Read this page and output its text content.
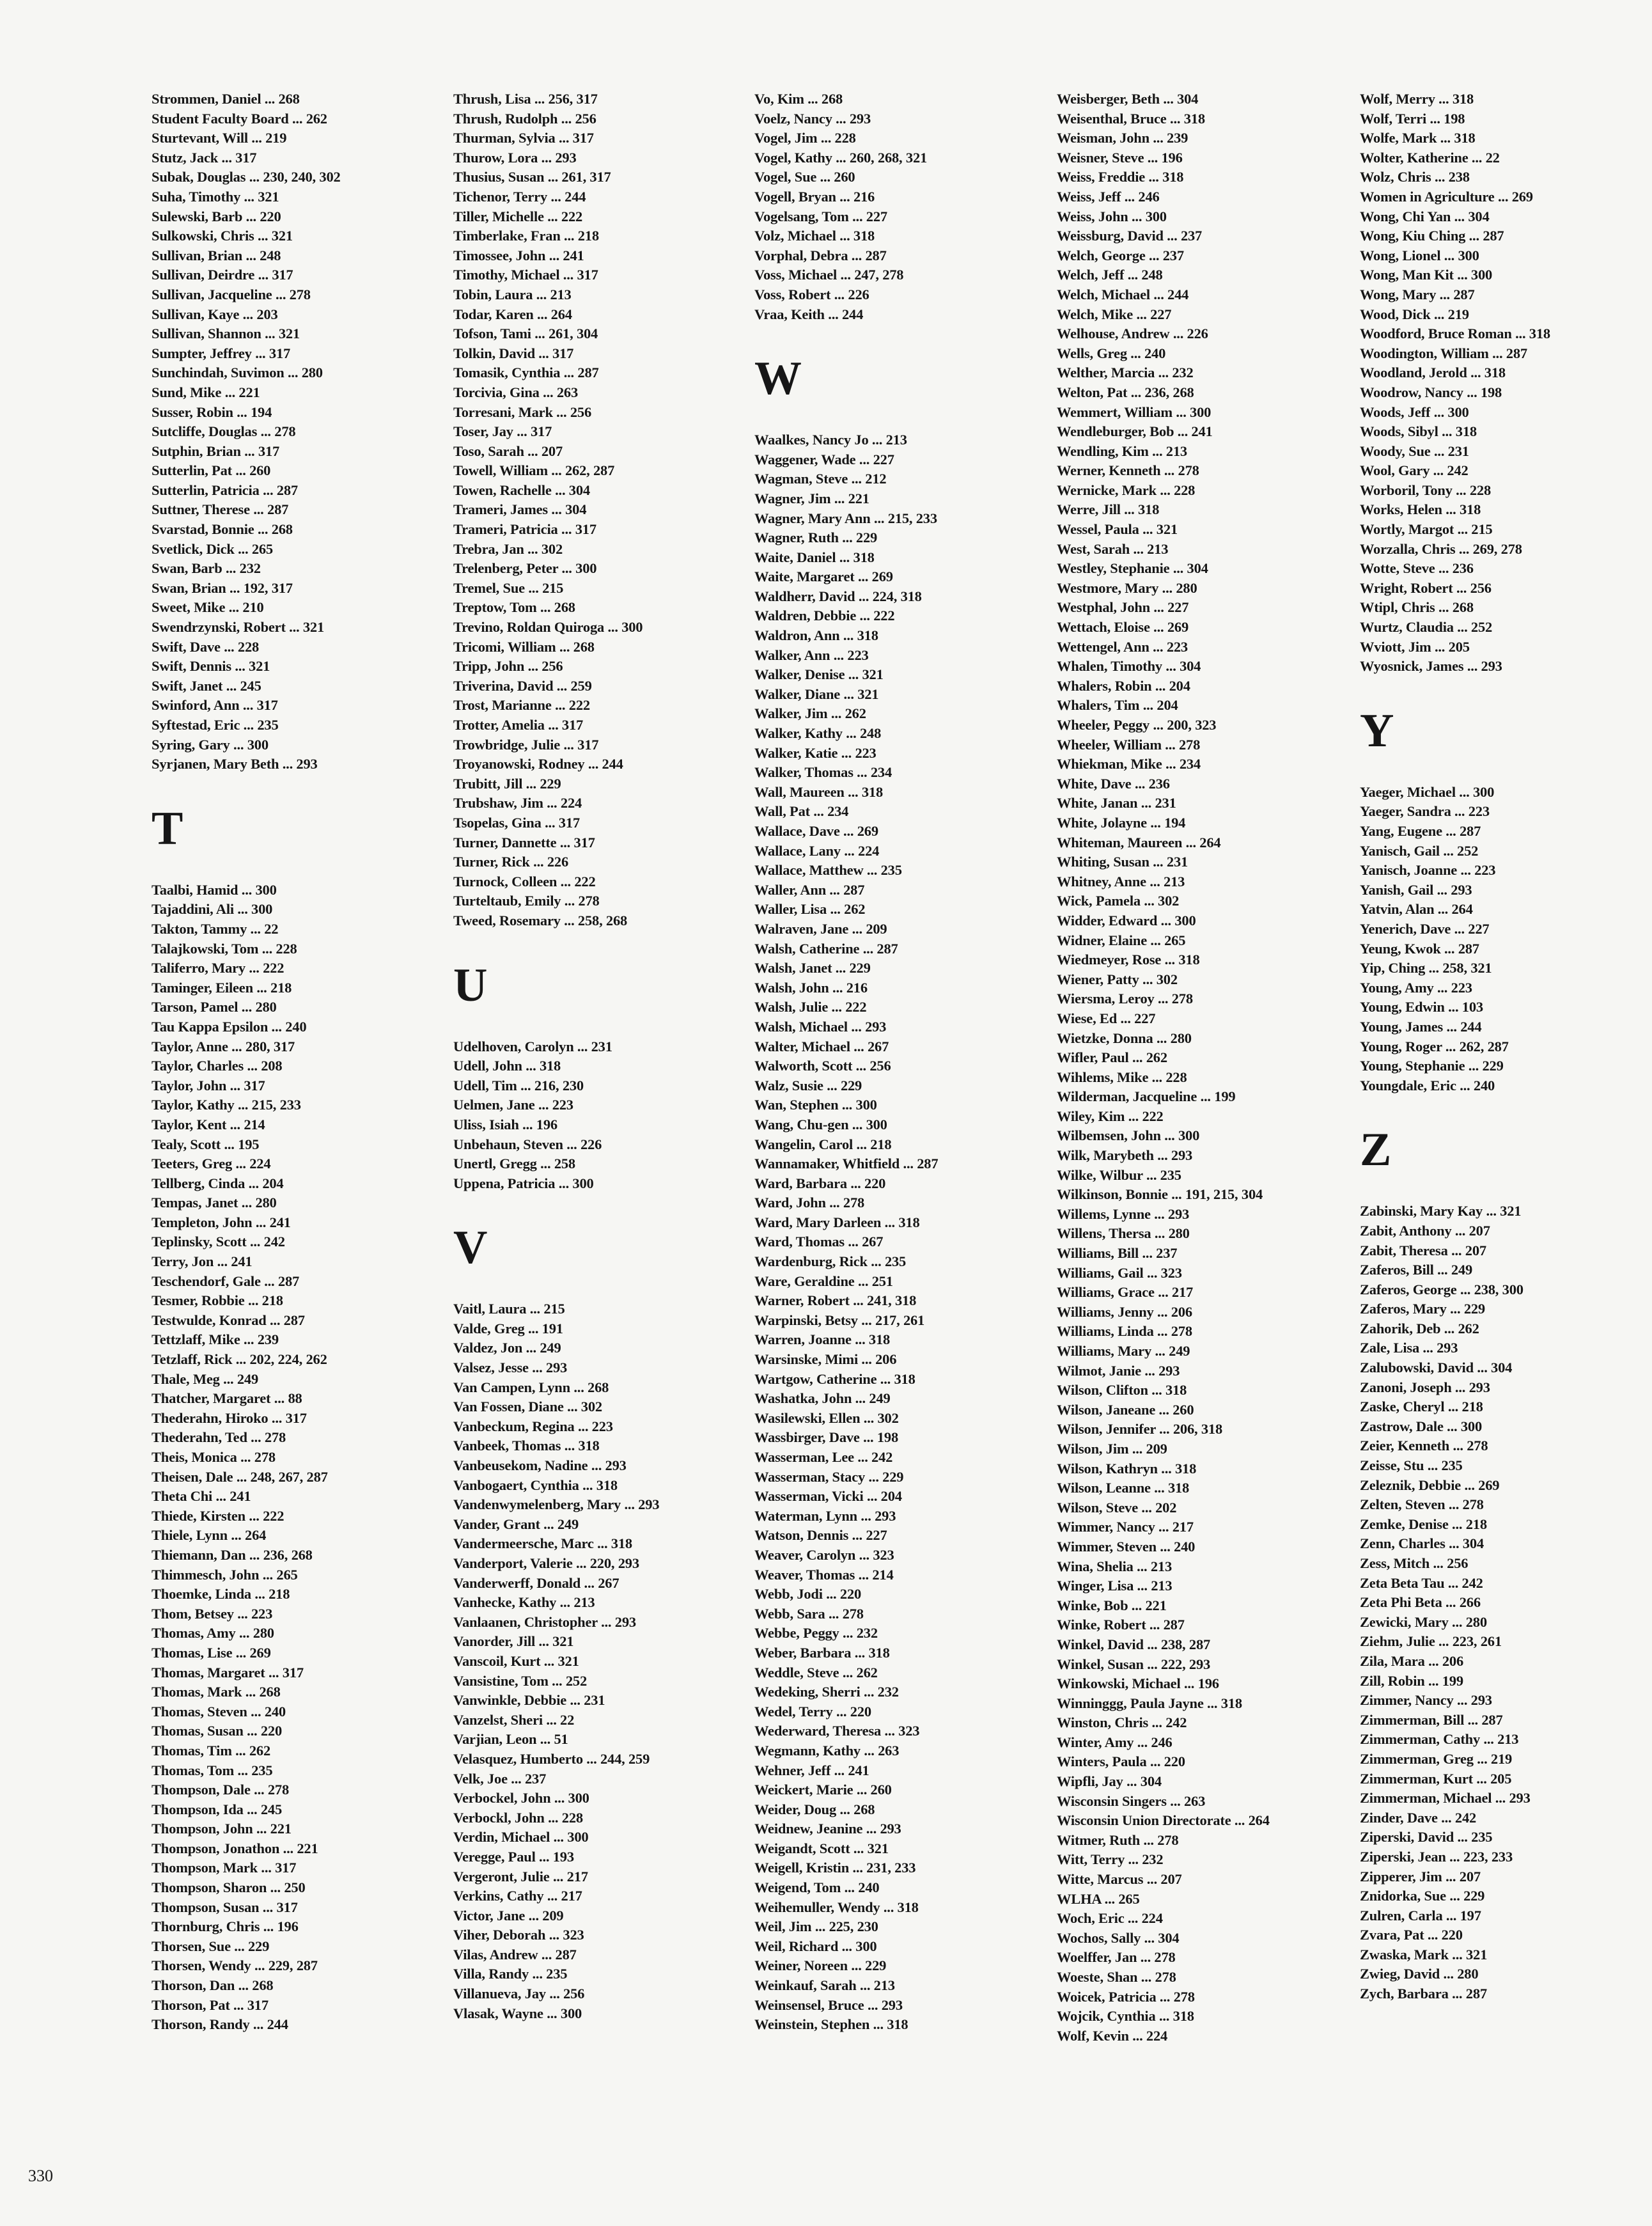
Strommen, Daniel ... 268
Student Faculty Board ... 262
Sturtevant, Will ... 219
Stutz, Jack ... 317
Subak, Douglas ... 230, 240, 302
Suha, Timothy ... 321
Sulewski, Barb ... 220
Sulkowski, Chris ... 321
Sullivan, Brian ... 248
Sullivan, Deirdre ... 317
Sullivan, Jacqueline ... 278
Sullivan, Kaye ... 203
Sullivan, Shannon ... 321
Sumpter, Jeffrey ... 317
Sunchindah, Suvimon ... 280
Sund, Mike ... 221
Susser, Robin ... 194
Sutcliffe, Douglas ... 278
Sutphin, Brian ... 317
Sutterlin, Pat ... 260
Sutterlin, Patricia ... 287
Suttner, Therese ... 287
Svarstad, Bonnie ... 268
Svetlick, Dick ... 265
Swan, Barb ... 232
Swan, Brian ... 192, 317
Sweet, Mike ... 210
Swendrzynski, Robert ... 321
Swift, Dave ... 228
Swift, Dennis ... 321
Swift, Janet ... 245
Swinford, Ann ... 317
Syftestad, Eric ... 235
Syring, Gary ... 300
Syrjanen, Mary Beth ... 293
T
Taalbi, Hamid ... 300
Tajaddini, Ali ... 300
Takton, Tammy ... 22
Talajkowski, Tom ... 228
Taliferro, Mary ... 222
Taminger, Eileen ... 218
Tarson, Pamel ... 280
Tau Kappa Epsilon ... 240
Taylor, Anne ... 280, 317
Taylor, Charles ... 208
Taylor, John ... 317
Taylor, Kathy ... 215, 233
Taylor, Kent ... 214
Tealy, Scott ... 195
Teeters, Greg ... 224
Tellberg, Cinda ... 204
Tempas, Janet ... 280
Templeton, John ... 241
Teplinsky, Scott ... 242
Terry, Jon ... 241
Teschendorf, Gale ... 287
Tesmer, Robbie ... 218
Testwulde, Konrad ... 287
Tettzlaff, Mike ... 239
Tetzlaff, Rick ... 202, 224, 262
Thale, Meg ... 249
Thatcher, Margaret ... 88
Thederahn, Hiroko ... 317
Thederahn, Ted ... 278
Theis, Monica ... 278
Theisen, Dale ... 248, 267, 287
Theta Chi ... 241
Thiede, Kirsten ... 222
Thiele, Lynn ... 264
Thiemann, Dan ... 236, 268
Thimmesch, John ... 265
Thoemke, Linda ... 218
Thom, Betsey ... 223
Thomas, Amy ... 280
Thomas, Lise ... 269
Thomas, Margaret ... 317
Thomas, Mark ... 268
Thomas, Steven ... 240
Thomas, Susan ... 220
Thomas, Tim ... 262
Thomas, Tom ... 235
Thompson, Dale ... 278
Thompson, Ida ... 245
Thompson, John ... 221
Thompson, Jonathon ... 221
Thompson, Mark ... 317
Thompson, Sharon ... 250
Thompson, Susan ... 317
Thornburg, Chris ... 196
Thorsen, Sue ... 229
Thorsen, Wendy ... 229, 287
Thorson, Dan ... 268
Thorson, Pat ... 317
Thorson, Randy ... 244
Thrush, Lisa ... 256, 317
Thrush, Rudolph ... 256
Thurman, Sylvia ... 317
Thurow, Lora ... 293
Thusius, Susan ... 261, 317
Tichenor, Terry ... 244
Tiller, Michelle ... 222
Timberlake, Fran ... 218
Timossee, John ... 241
Timothy, Michael ... 317
Tobin, Laura ... 213
Todar, Karen ... 264
Tofson, Tami ... 261, 304
Tolkin, David ... 317
Tomasik, Cynthia ... 287
Torcivia, Gina ... 263
Torresani, Mark ... 256
Toser, Jay ... 317
Toso, Sarah ... 207
Towell, William ... 262, 287
Towen, Rachelle ... 304
Trameri, James ... 304
Trameri, Patricia ... 317
Trebra, Jan ... 302
Trelenberg, Peter ... 300
Tremel, Sue ... 215
Treptow, Tom ... 268
Trevino, Roldan Quiroga ... 300
Tricomi, William ... 268
Tripp, John ... 256
Triverina, David ... 259
Trost, Marianne ... 222
Trotter, Amelia ... 317
Trowbridge, Julie ... 317
Troyanowski, Rodney ... 244
Trubitt, Jill ... 229
Trubshaw, Jim ... 224
Tsopelas, Gina ... 317
Turner, Dannette ... 317
Turner, Rick ... 226
Turnock, Colleen ... 222
Turteltaub, Emily ... 278
Tweed, Rosemary ... 258, 268
U
Udelhoven, Carolyn ... 231
Udell, John ... 318
Udell, Tim ... 216, 230
Uelmen, Jane ... 223
Uliss, Isiah ... 196
Unbehaun, Steven ... 226
Unertl, Gregg ... 258
Uppena, Patricia ... 300
V
Vaitl, Laura ... 215
Valde, Greg ... 191
Valdez, Jon ... 249
Valsez, Jesse ... 293
Van Campen, Lynn ... 268
Van Fossen, Diane ... 302
Vanbeckum, Regina ... 223
Vanbeek, Thomas ... 318
Vanbeusekom, Nadine ... 293
Vanbogaert, Cynthia ... 318
Vandenwymelenberg, Mary ... 293
Vander, Grant ... 249
Vandermeersche, Marc ... 318
Vanderport, Valerie ... 220, 293
Vanderwerff, Donald ... 267
Vanhecke, Kathy ... 213
Vanlaanen, Christopher ... 293
Vanorder, Jill ... 321
Vanscoil, Kurt ... 321
Vansistine, Tom ... 252
Vanwinkle, Debbie ... 231
Vanzelst, Sheri ... 22
Varjian, Leon ... 51
Velasquez, Humberto ... 244, 259
Velk, Joe ... 237
Verbockel, John ... 300
Verbockl, John ... 228
Verdin, Michael ... 300
Veregge, Paul ... 193
Vergeront, Julie ... 217
Verkins, Cathy ... 217
Victor, Jane ... 209
Viher, Deborah ... 323
Vilas, Andrew ... 287
Villa, Randy ... 235
Villanueva, Jay ... 256
Vlasak, Wayne ... 300
Vo, Kim ... 268
Voelz, Nancy ... 293
Vogel, Jim ... 228
Vogel, Kathy ... 260, 268, 321
Vogel, Sue ... 260
Vogell, Bryan ... 216
Vogelsang, Tom ... 227
Volz, Michael ... 318
Vorphal, Debra ... 287
Voss, Michael ... 247, 278
Voss, Robert ... 226
Vraa, Keith ... 244
W
Waalkes, Nancy Jo ... 213
Waggener, Wade ... 227
Wagman, Steve ... 212
Wagner, Jim ... 221
Wagner, Mary Ann ... 215, 233
Wagner, Ruth ... 229
Waite, Daniel ... 318
Waite, Margaret ... 269
Waldherr, David ... 224, 318
Waldren, Debbie ... 222
Waldron, Ann ... 318
Walker, Ann ... 223
Walker, Denise ... 321
Walker, Diane ... 321
Walker, Jim ... 262
Walker, Kathy ... 248
Walker, Katie ... 223
Walker, Thomas ... 234
Wall, Maureen ... 318
Wall, Pat ... 234
Wallace, Dave ... 269
Wallace, Lany ... 224
Wallace, Matthew ... 235
Waller, Ann ... 287
Waller, Lisa ... 262
Walraven, Jane ... 209
Walsh, Catherine ... 287
Walsh, Janet ... 229
Walsh, John ... 216
Walsh, Julie ... 222
Walsh, Michael ... 293
Walter, Michael ... 267
Walworth, Scott ... 256
Walz, Susie ... 229
Wan, Stephen ... 300
Wang, Chu-gen ... 300
Wangelin, Carol ... 218
Wannamaker, Whitfield ... 287
Ward, Barbara ... 220
Ward, John ... 278
Ward, Mary Darleen ... 318
Ward, Thomas ... 267
Wardenburg, Rick ... 235
Ware, Geraldine ... 251
Warner, Robert ... 241, 318
Warpinski, Betsy ... 217, 261
Warren, Joanne ... 318
Warsinske, Mimi ... 206
Wartgow, Catherine ... 318
Washatka, John ... 249
Wasilewski, Ellen ... 302
Wassbirger, Dave ... 198
Wasserman, Lee ... 242
Wasserman, Stacy ... 229
Wasserman, Vicki ... 204
Waterman, Lynn ... 293
Watson, Dennis ... 227
Weaver, Carolyn ... 323
Weaver, Thomas ... 214
Webb, Jodi ... 220
Webb, Sara ... 278
Webbe, Peggy ... 232
Weber, Barbara ... 318
Weddle, Steve ... 262
Wedeking, Sherri ... 232
Wedel, Terry ... 220
Wederward, Theresa ... 323
Wegmann, Kathy ... 263
Wehner, Jeff ... 241
Weickert, Marie ... 260
Weider, Doug ... 268
Weidnew, Jeanine ... 293
Weigandt, Scott ... 321
Weigell, Kristin ... 231, 233
Weigend, Tom ... 240
Weihemuller, Wendy ... 318
Weil, Jim ... 225, 230
Weil, Richard ... 300
Weiner, Noreen ... 229
Weinkauf, Sarah ... 213
Weinsensel, Bruce ... 293
Weinstein, Stephen ... 318
Weisberger, Beth ... 304
Weisenthal, Bruce ... 318
Weisman, John ... 239
Weisner, Steve ... 196
Weiss, Freddie ... 318
Weiss, Jeff ... 246
Weiss, John ... 300
Weissburg, David ... 237
Welch, George ... 237
Welch, Jeff ... 248
Welch, Michael ... 244
Welch, Mike ... 227
Welhouse, Andrew ... 226
Wells, Greg ... 240
Welther, Marcia ... 232
Welton, Pat ... 236, 268
Wemmert, William ... 300
Wendleburger, Bob ... 241
Wendling, Kim ... 213
Werner, Kenneth ... 278
Wernicke, Mark ... 228
Werre, Jill ... 318
Wessel, Paula ... 321
West, Sarah ... 213
Westley, Stephanie ... 304
Westmore, Mary ... 280
Westphal, John ... 227
Wettach, Eloise ... 269
Wettengel, Ann ... 223
Whalen, Timothy ... 304
Whalers, Robin ... 204
Whalers, Tim ... 204
Wheeler, Peggy ... 200, 323
Wheeler, William ... 278
Whiekman, Mike ... 234
White, Dave ... 236
White, Janan ... 231
White, Jolayne ... 194
Whiteman, Maureen ... 264
Whiting, Susan ... 231
Whitney, Anne ... 213
Wick, Pamela ... 302
Widder, Edward ... 300
Widner, Elaine ... 265
Wiedmeyer, Rose ... 318
Wiener, Patty ... 302
Wiersma, Leroy ... 278
Wiese, Ed ... 227
Wietzke, Donna ... 280
Wifler, Paul ... 262
Wihlems, Mike ... 228
Wilderman, Jacqueline ... 199
Wiley, Kim ... 222
Wilbemsen, John ... 300
Wilk, Marybeth ... 293
Wilke, Wilbur ... 235
Wilkinson, Bonnie ... 191, 215, 304
Willems, Lynne ... 293
Willens, Thersa ... 280
Williams, Bill ... 237
Williams, Gail ... 323
Williams, Grace ... 217
Williams, Jenny ... 206
Williams, Linda ... 278
Williams, Mary ... 249
Wilmot, Janie ... 293
Wilson, Clifton ... 318
Wilson, Janeane ... 260
Wilson, Jennifer ... 206, 318
Wilson, Jim ... 209
Wilson, Kathryn ... 318
Wilson, Leanne ... 318
Wilson, Steve ... 202
Wimmer, Nancy ... 217
Wimmer, Steven ... 240
Wina, Shelia ... 213
Winger, Lisa ... 213
Winke, Bob ... 221
Winke, Robert ... 287
Winkel, David ... 238, 287
Winkel, Susan ... 222, 293
Winkowski, Michael ... 196
Winninggg, Paula Jayne ... 318
Winston, Chris ... 242
Winter, Amy ... 246
Winters, Paula ... 220
Wipfli, Jay ... 304
Wisconsin Singers ... 263
Wisconsin Union Directorate ... 264
Witmer, Ruth ... 278
Witt, Terry ... 232
Witte, Marcus ... 207
WLHA ... 265
Woch, Eric ... 224
Wochos, Sally ... 304
Woelffer, Jan ... 278
Woeste, Shan ... 278
Woicek, Patricia ... 278
Wojcik, Cynthia ... 318
Wolf, Kevin ... 224
Wolf, Merry ... 318
Wolf, Terri ... 198
Wolfe, Mark ... 318
Wolter, Katherine ... 22
Wolz, Chris ... 238
Women in Agriculture ... 269
Wong, Chi Yan ... 304
Wong, Kiu Ching ... 287
Wong, Lionel ... 300
Wong, Man Kit ... 300
Wong, Mary ... 287
Wood, Dick ... 219
Woodford, Bruce Roman ... 318
Woodington, William ... 287
Woodland, Jerold ... 318
Woodrow, Nancy ... 198
Woods, Jeff ... 300
Woods, Sibyl ... 318
Woody, Sue ... 231
Wool, Gary ... 242
Worboril, Tony ... 228
Works, Helen ... 318
Wortly, Margot ... 215
Worzalla, Chris ... 269, 278
Wotte, Steve ... 236
Wright, Robert ... 256
Wtipl, Chris ... 268
Wurtz, Claudia ... 252
Wviott, Jim ... 205
Wyosnick, James ... 293
Y
Yaeger, Michael ... 300
Yaeger, Sandra ... 223
Yang, Eugene ... 287
Yanisch, Gail ... 252
Yanisch, Joanne ... 223
Yanish, Gail ... 293
Yatvin, Alan ... 264
Yenerich, Dave ... 227
Yeung, Kwok ... 287
Yip, Ching ... 258, 321
Young, Amy ... 223
Young, Edwin ... 103
Young, James ... 244
Young, Roger ... 262, 287
Young, Stephanie ... 229
Youngdale, Eric ... 240
Z
Zabinski, Mary Kay ... 321
Zabit, Anthony ... 207
Zabit, Theresa ... 207
Zaferos, Bill ... 249
Zaferos, George ... 238, 300
Zaferos, Mary ... 229
Zahorik, Deb ... 262
Zale, Lisa ... 293
Zalubowski, David ... 304
Zanoni, Joseph ... 293
Zaske, Cheryl ... 218
Zastrow, Dale ... 300
Zeier, Kenneth ... 278
Zeisse, Stu ... 235
Zeleznik, Debbie ... 269
Zelten, Steven ... 278
Zemke, Denise ... 218
Zenn, Charles ... 304
Zess, Mitch ... 256
Zeta Beta Tau ... 242
Zeta Phi Beta ... 266
Zewicki, Mary ... 280
Ziehm, Julie ... 223, 261
Zila, Mara ... 206
Zill, Robin ... 199
Zimmer, Nancy ... 293
Zimmerman, Bill ... 287
Zimmerman, Cathy ... 213
Zimmerman, Greg ... 219
Zimmerman, Kurt ... 205
Zimmerman, Michael ... 293
Zinder, Dave ... 242
Ziperski, David ... 235
Ziperski, Jean ... 223, 233
Zipperer, Jim ... 207
Znidorka, Sue ... 229
Zulren, Carla ... 197
Zvara, Pat ... 220
Zwaska, Mark ... 321
Zwieg, David ... 280
Zych, Barbara ... 287
330
